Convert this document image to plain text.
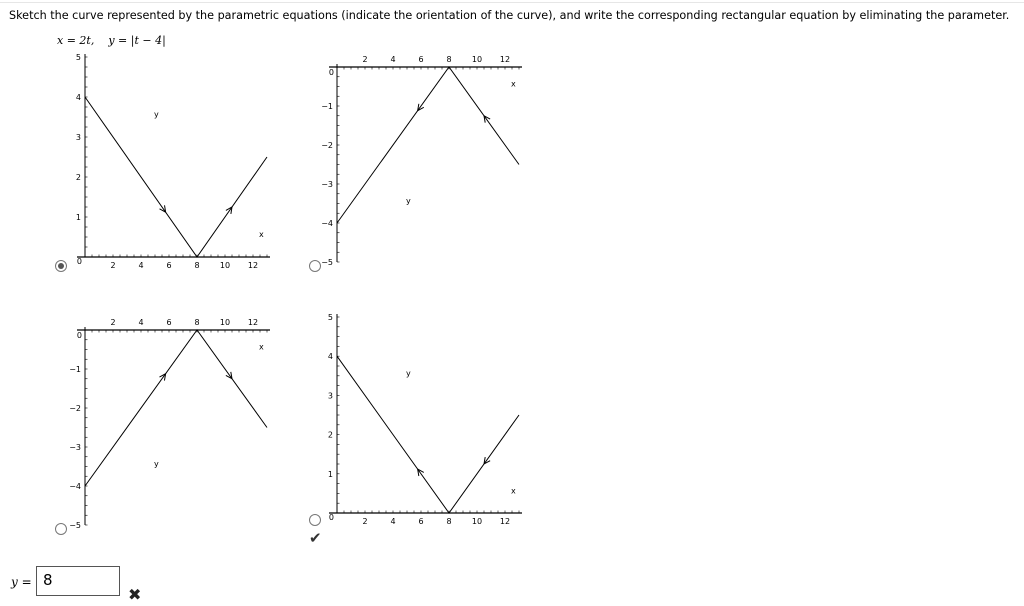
Sketch the curve represented by the parametric equations (indicate the orientation of the curve), and write the corresponding rectangular equation by eliminating the parameter.
x = 2t, y = |t − 4|
2	4	6	8	10 12
1
2
3
4
5
0
x
y
2	4	6	8	10 12
−1
−2
−3
−4
−5
0
x
y
2	4	6	8	10 12
−1
−2
−3
−4
−5
0
x
y
2	4	6	8	10 12
1
2
3
4
5
0
x
y
✔
y = 8
✖
